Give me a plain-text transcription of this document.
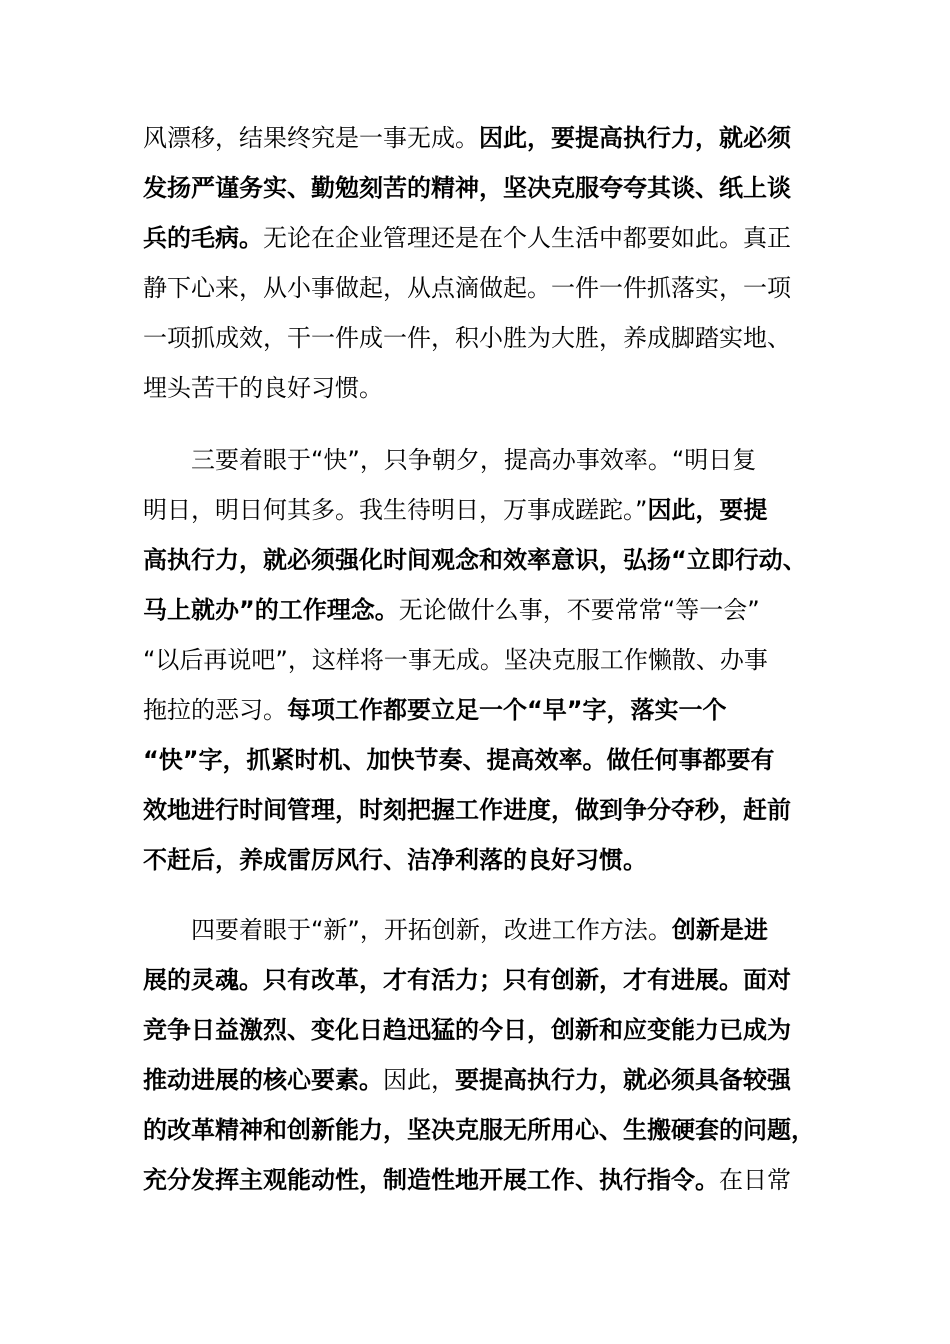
风漂移，结果终究是一事无成。因此，要提高执行力，就必须
发扬严谨务实、勤勉刻苦的精神，坚决克服夸夸其谈、纸上谈
兵的毛病。无论在企业管理还是在个人生活中都要如此。真正
静下心来，从小事做起，从点滴做起。一件一件抓落实，一项
一项抓成效，干一件成一件，积小胜为大胜，养成脚踏实地、
埋头苦干的良好习惯。
三要着眼于“快”，只争朝夕，提高办事效率。“明日复
明日，明日何其多。我生待明日，万事成蹉跎。”因此，要提
高执行力，就必须强化时间观念和效率意识，弘扬“立即行动、
马上就办”的工作理念。无论做什么事，不要常常“等一会”
“以后再说吧”，这样将一事无成。坚决克服工作懒散、办事
拖拉的恶习。每项工作都要立足一个“早”字，落实一个
“快”字，抓紧时机、加快节奏、提高效率。做任何事都要有
效地进行时间管理，时刻把握工作进度，做到争分夺秒，赶前
不赶后，养成雷厉风行、洁净利落的良好习惯。
四要着眼于“新”，开拓创新，改进工作方法。创新是进
展的灵魂。只有改革，才有活力；只有创新，才有进展。面对
竞争日益激烈、变化日趋迅猛的今日，创新和应变能力已成为
推动进展的核心要素。因此，要提高执行力，就必须具备较强
的改革精神和创新能力，坚决克服无所用心、生搬硬套的问题，
充分发挥主观能动性，制造性地开展工作、执行指令。在日常
